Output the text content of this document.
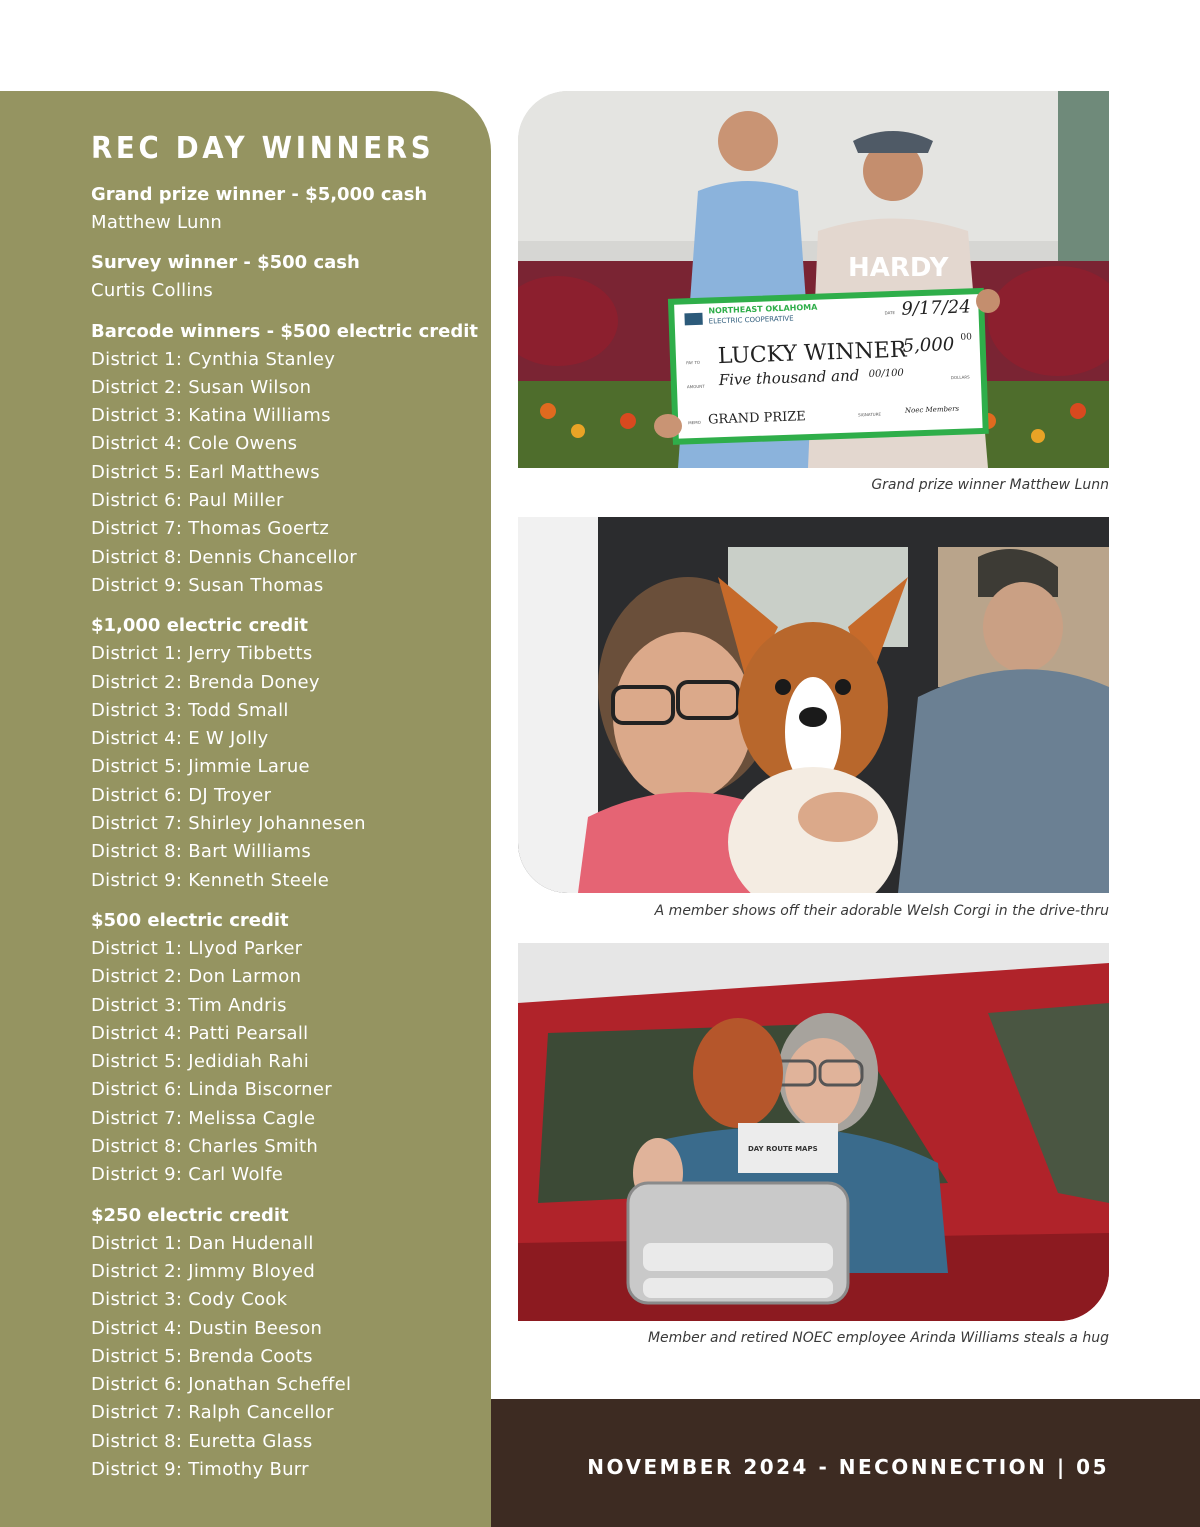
REC DAY WINNERS
Grand prize winner - $5,000 cash
Matthew Lunn
Survey winner - $500 cash
Curtis Collins
Barcode winners - $500 electric credit
District 1: Cynthia Stanley
District 2: Susan Wilson
District 3: Katina Williams
District 4: Cole Owens
District 5: Earl Matthews
District 6: Paul Miller
District 7: Thomas Goertz
District 8: Dennis Chancellor
District 9: Susan Thomas
$1,000 electric credit
District 1: Jerry Tibbetts
District 2: Brenda Doney
District 3: Todd Small
District 4: E W Jolly
District 5: Jimmie Larue
District 6: DJ Troyer
District 7: Shirley Johannesen
District 8: Bart Williams
District 9: Kenneth Steele
$500 electric credit
District 1: Llyod Parker
District 2: Don Larmon
District 3: Tim Andris
District 4: Patti Pearsall
District 5: Jedidiah Rahi
District 6: Linda Biscorner
District 7: Melissa Cagle
District 8: Charles Smith
District 9: Carl Wolfe
$250 electric credit
District 1: Dan Hudenall
District 2: Jimmy Bloyed
District 3: Cody Cook
District 4: Dustin Beeson
District 5: Brenda Coots
District 6: Jonathan Scheffel
District 7: Ralph Cancellor
District 8: Euretta Glass
District 9: Timothy Burr
HARDY
NORTHEAST OKLAHOMA
ELECTRIC COOPERATIVE
DATE 9/17/24
PAY TO LUCKY WINNER
5,000 00
AMOUNT Five thousand and 00/100	DOLLARS
MEMO GRAND PRIZE	SIGNATURE	Noec Members
Grand prize winner Matthew Lunn
A member shows off their adorable Welsh Corgi in the drive-thru
DAY ROUTE MAPS
Member and retired NOEC employee Arinda Williams steals a hug
NOVEMBER 2024 - NECONNECTION | 05
